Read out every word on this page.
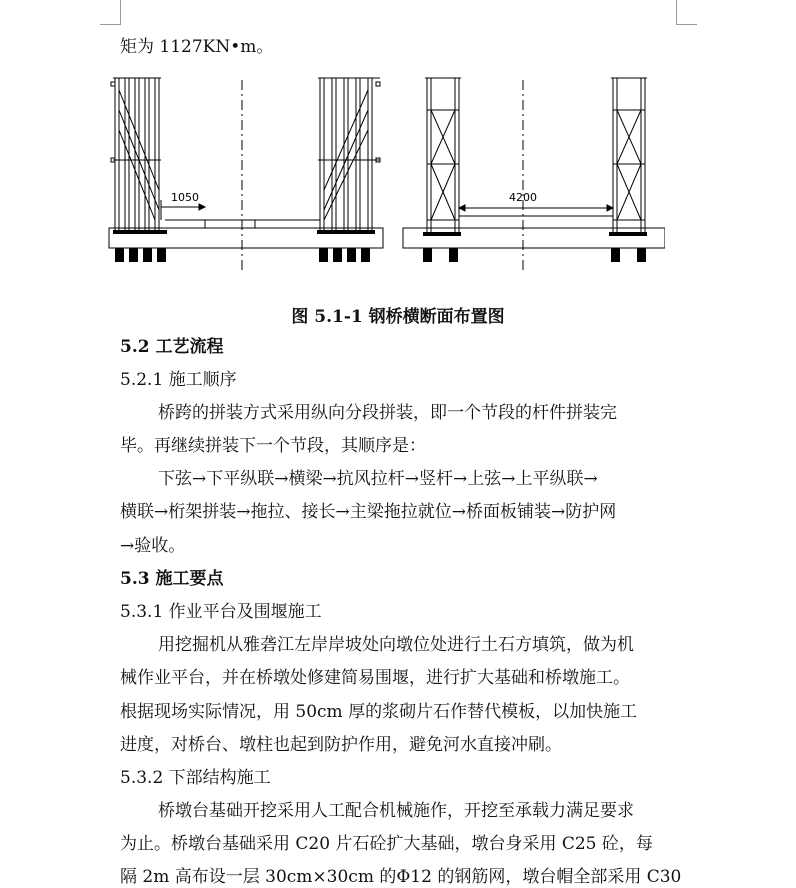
矩为 1127KN•m。
1050	4200
图 5.1-1 钢桥横断面布置图
5.2 工艺流程
5.2.1 施工顺序
桥跨的拼装方式采用纵向分段拼装，即一个节段的杆件拼装完
毕。再继续拼装下一个节段，其顺序是：
下弦→下平纵联→横梁→抗风拉杆→竖杆→上弦→上平纵联→
横联→桁架拼装→拖拉、接长→主梁拖拉就位→桥面板铺装→防护网
→验收。
5.3 施工要点
5.3.1 作业平台及围堰施工
用挖掘机从雅砻江左岸岸坡处向墩位处进行土石方填筑，做为机
械作业平台，并在桥墩处修建简易围堰，进行扩大基础和桥墩施工。
根据现场实际情况，用 50cm 厚的浆砌片石作替代模板，以加快施工
进度，对桥台、墩柱也起到防护作用，避免河水直接冲刷。
5.3.2 下部结构施工
桥墩台基础开挖采用人工配合机械施作，开挖至承载力满足要求
为止。桥墩台基础采用 C20 片石砼扩大基础，墩台身采用 C25 砼，每
隔 2m 高布设一层 30cm×30cm 的Φ12 的钢筋网，墩台帽全部采用 C30
